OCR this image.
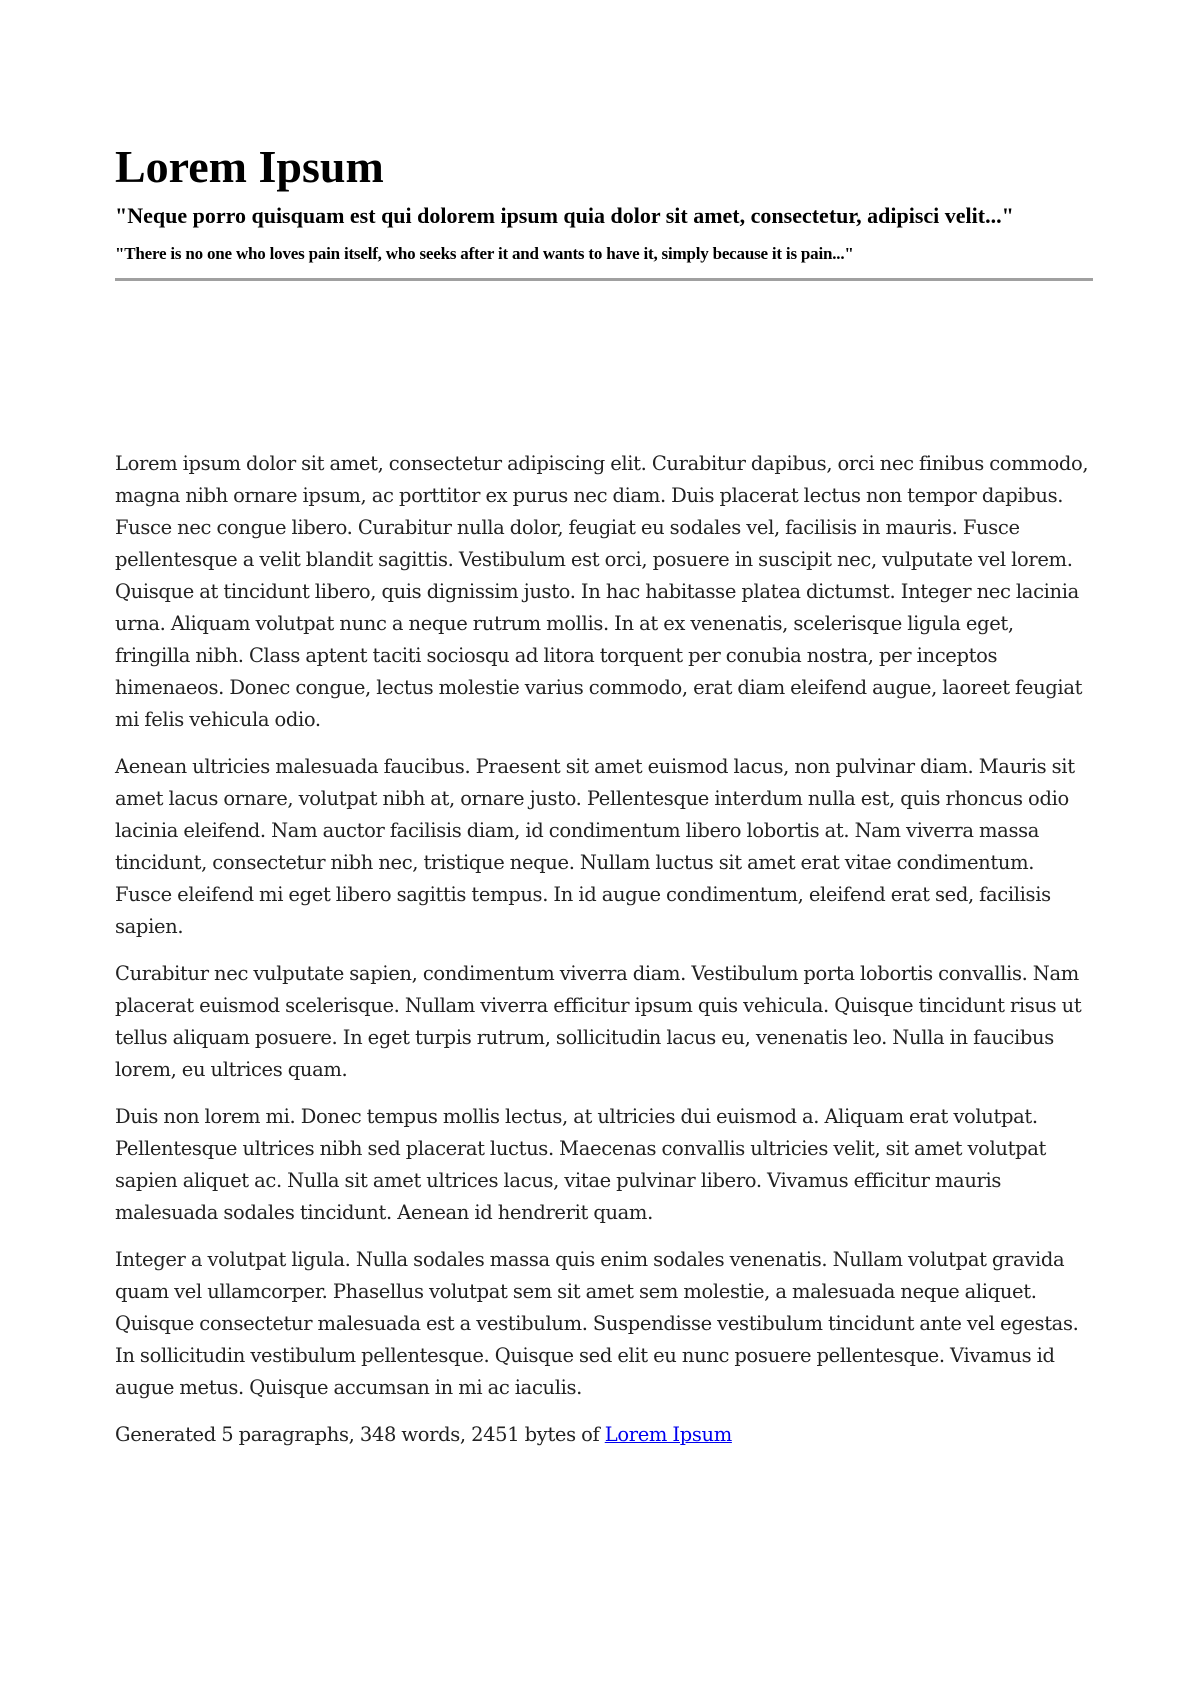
Lorem Ipsum
"Neque porro quisquam est qui dolorem ipsum quia dolor sit amet, consectetur, adipisci velit..."
"There is no one who loves pain itself, who seeks after it and wants to have it, simply because it is pain..."

Lorem ipsum dolor sit amet, consectetur adipiscing elit. Curabitur dapibus, orci nec finibus commodo, magna nibh ornare ipsum, ac porttitor ex purus nec diam. Duis placerat lectus non tempor dapibus. Fusce nec congue libero. Curabitur nulla dolor, feugiat eu sodales vel, facilisis in mauris. Fusce pellentesque a velit blandit sagittis. Vestibulum est orci, posuere in suscipit nec, vulputate vel lorem. Quisque at tincidunt libero, quis dignissim justo. In hac habitasse platea dictumst. Integer nec lacinia urna. Aliquam volutpat nunc a neque rutrum mollis. In at ex venenatis, scelerisque ligula eget, fringilla nibh. Class aptent taciti sociosqu ad litora torquent per conubia nostra, per inceptos himenaeos. Donec congue, lectus molestie varius commodo, erat diam eleifend augue, laoreet feugiat mi felis vehicula odio.

Aenean ultricies malesuada faucibus. Praesent sit amet euismod lacus, non pulvinar diam. Mauris sit amet lacus ornare, volutpat nibh at, ornare justo. Pellentesque interdum nulla est, quis rhoncus odio lacinia eleifend. Nam auctor facilisis diam, id condimentum libero lobortis at. Nam viverra massa tincidunt, consectetur nibh nec, tristique neque. Nullam luctus sit amet erat vitae condimentum. Fusce eleifend mi eget libero sagittis tempus. In id augue condimentum, eleifend erat sed, facilisis sapien.

Curabitur nec vulputate sapien, condimentum viverra diam. Vestibulum porta lobortis convallis. Nam placerat euismod scelerisque. Nullam viverra efficitur ipsum quis vehicula. Quisque tincidunt risus ut tellus aliquam posuere. In eget turpis rutrum, sollicitudin lacus eu, venenatis leo. Nulla in faucibus lorem, eu ultrices quam.

Duis non lorem mi. Donec tempus mollis lectus, at ultricies dui euismod a. Aliquam erat volutpat. Pellentesque ultrices nibh sed placerat luctus. Maecenas convallis ultricies velit, sit amet volutpat sapien aliquet ac. Nulla sit amet ultrices lacus, vitae pulvinar libero. Vivamus efficitur mauris malesuada sodales tincidunt. Aenean id hendrerit quam.

Integer a volutpat ligula. Nulla sodales massa quis enim sodales venenatis. Nullam volutpat gravida quam vel ullamcorper. Phasellus volutpat sem sit amet sem molestie, a malesuada neque aliquet. Quisque consectetur malesuada est a vestibulum. Suspendisse vestibulum tincidunt ante vel egestas. In sollicitudin vestibulum pellentesque. Quisque sed elit eu nunc posuere pellentesque. Vivamus id augue metus. Quisque accumsan in mi ac iaculis.

Generated 5 paragraphs, 348 words, 2451 bytes of Lorem Ipsum
